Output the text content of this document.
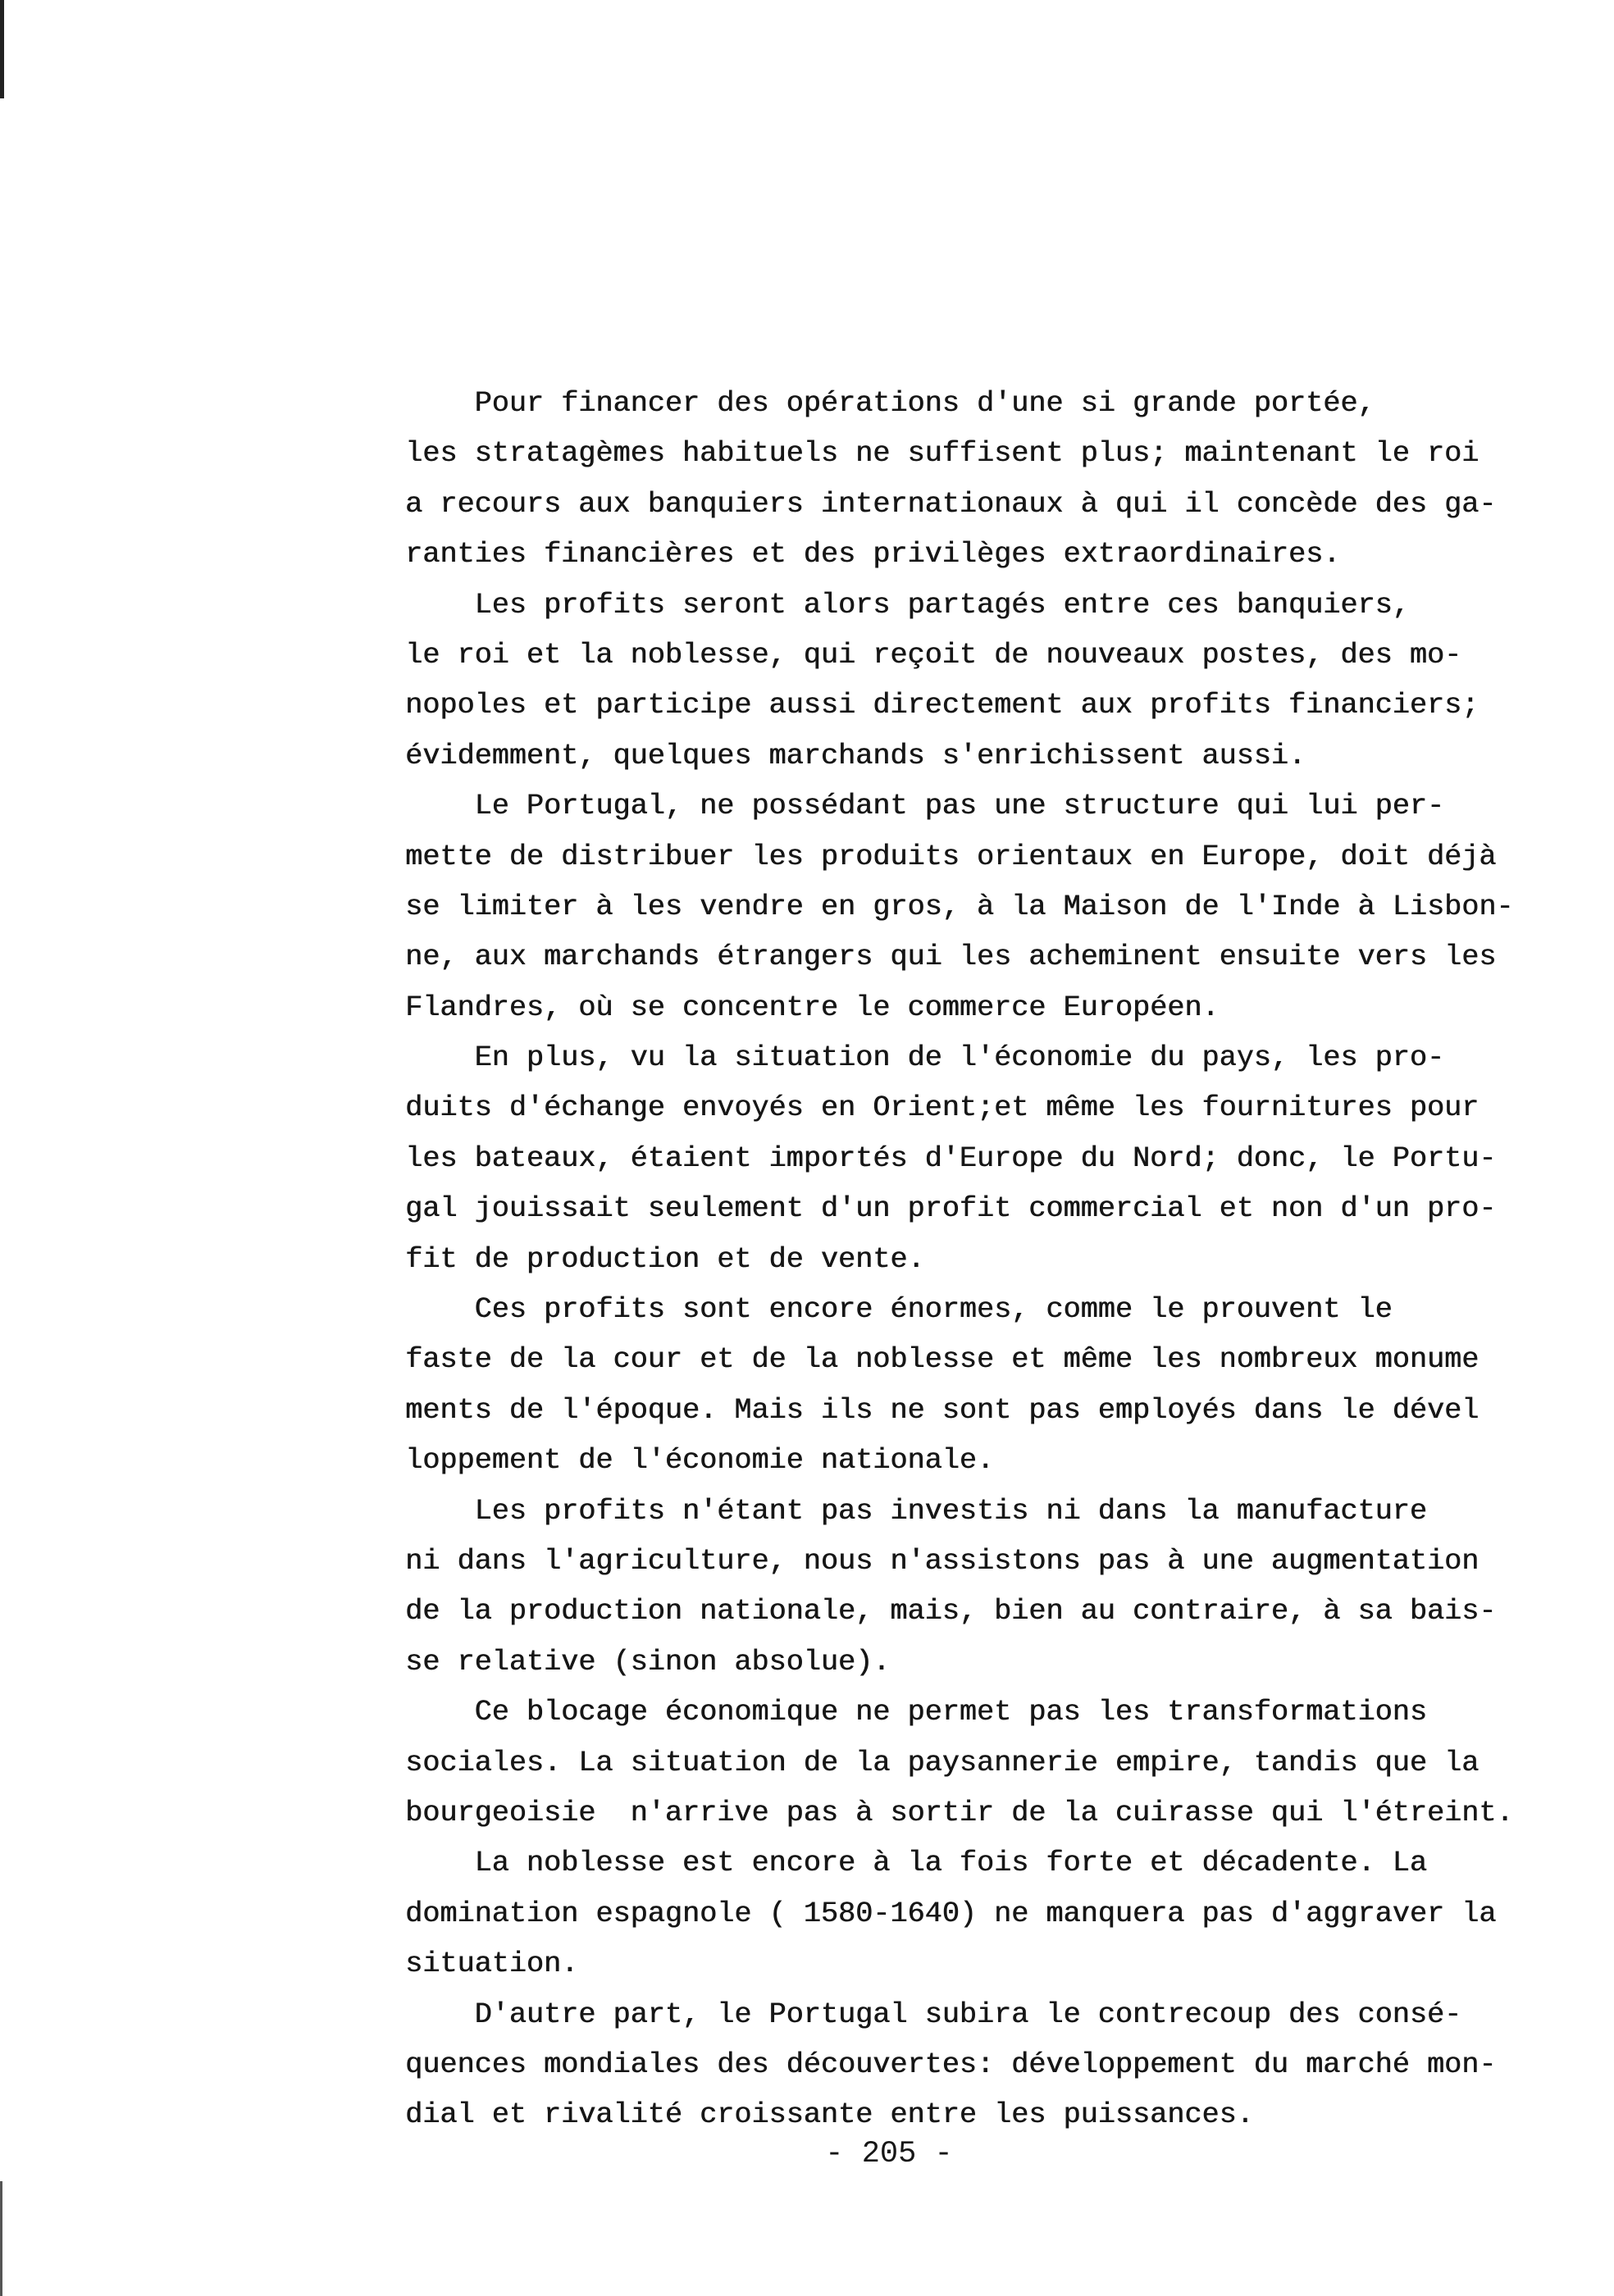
Pour financer des opérations d'une si grande portée,
les stratagèmes habituels ne suffisent plus; maintenant le roi
a recours aux banquiers internationaux à qui il concède des ga-
ranties financières et des privilèges extraordinaires.
Les profits seront alors partagés entre ces banquiers,
le roi et la noblesse, qui reçoit de nouveaux postes, des mo-
nopoles et participe aussi directement aux profits financiers;
évidemment, quelques marchands s'enrichissent aussi.
Le Portugal, ne possédant pas une structure qui lui per-
mette de distribuer les produits orientaux en Europe, doit déjà
se limiter à les vendre en gros, à la Maison de l'Inde à Lisbon-
ne, aux marchands étrangers qui les acheminent ensuite vers les
Flandres, où se concentre le commerce Européen.
En plus, vu la situation de l'économie du pays, les pro-
duits d'échange envoyés en Orient;et même les fournitures pour
les bateaux, étaient importés d'Europe du Nord; donc, le Portu-
gal jouissait seulement d'un profit commercial et non d'un pro-
fit de production et de vente.
Ces profits sont encore énormes, comme le prouvent le
faste de la cour et de la noblesse et même les nombreux monume
ments de l'époque. Mais ils ne sont pas employés dans le dével
loppement de l'économie nationale.
Les profits n'étant pas investis ni dans la manufacture
ni dans l'agriculture, nous n'assistons pas à une augmentation
de la production nationale, mais, bien au contraire, à sa bais-
se relative (sinon absolue).
Ce blocage économique ne permet pas les transformations
sociales. La situation de la paysannerie empire, tandis que la
bourgeoisie  n'arrive pas à sortir de la cuirasse qui l'étreint.
La noblesse est encore à la fois forte et décadente. La
domination espagnole ( 1580-1640) ne manquera pas d'aggraver la
situation.
D'autre part, le Portugal subira le contrecoup des consé-
quences mondiales des découvertes: développement du marché mon-
dial et rivalité croissante entre les puissances.
- 205 -
